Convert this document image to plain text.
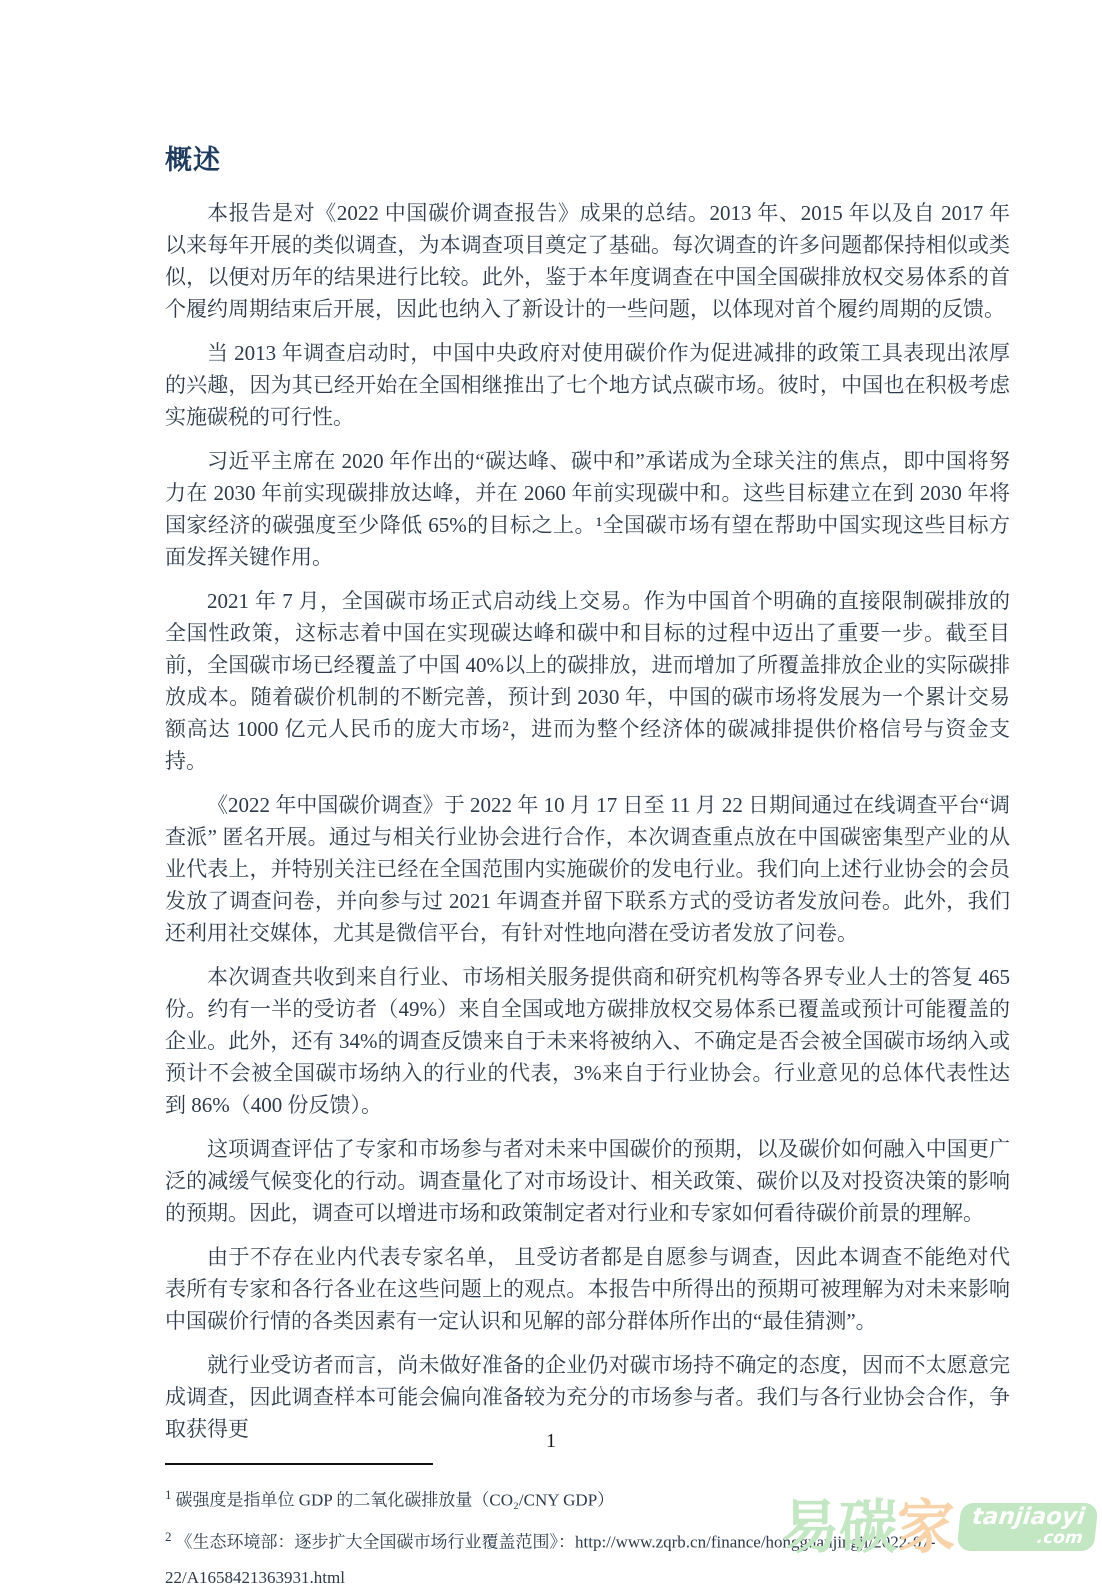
概述

本报告是对《2022 中国碳价调查报告》成果的总结。2013 年、2015 年以及自 2017 年以来每年开展的类似调查，为本调查项目奠定了基础。每次调查的许多问题都保持相似或类似，以便对历年的结果进行比较。此外，鉴于本年度调查在中国全国碳排放权交易体系的首个履约周期结束后开展，因此也纳入了新设计的一些问题，以体现对首个履约周期的反馈。

当 2013 年调查启动时，中国中央政府对使用碳价作为促进减排的政策工具表现出浓厚的兴趣，因为其已经开始在全国相继推出了七个地方试点碳市场。彼时，中国也在积极考虑实施碳税的可行性。

习近平主席在 2020 年作出的“碳达峰、碳中和”承诺成为全球关注的焦点，即中国将努力在 2030 年前实现碳排放达峰，并在 2060 年前实现碳中和。这些目标建立在到 2030 年将国家经济的碳强度至少降低 65%的目标之上。¹全国碳市场有望在帮助中国实现这些目标方面发挥关键作用。

2021 年 7 月，全国碳市场正式启动线上交易。作为中国首个明确的直接限制碳排放的全国性政策，这标志着中国在实现碳达峰和碳中和目标的过程中迈出了重要一步。截至目前，全国碳市场已经覆盖了中国 40%以上的碳排放，进而增加了所覆盖排放企业的实际碳排放成本。随着碳价机制的不断完善，预计到 2030 年，中国的碳市场将发展为一个累计交易额高达 1000 亿元人民币的庞大市场²，进而为整个经济体的碳减排提供价格信号与资金支持。

《2022 年中国碳价调查》于 2022 年 10 月 17 日至 11 月 22 日期间通过在线调查平台“调查派” 匿名开展。通过与相关行业协会进行合作，本次调查重点放在中国碳密集型产业的从业代表上，并特别关注已经在全国范围内实施碳价的发电行业。我们向上述行业协会的会员发放了调查问卷，并向参与过 2021 年调查并留下联系方式的受访者发放问卷。此外，我们还利用社交媒体，尤其是微信平台，有针对性地向潜在受访者发放了问卷。

本次调查共收到来自行业、市场相关服务提供商和研究机构等各界专业人士的答复 465 份。约有一半的受访者（49%）来自全国或地方碳排放权交易体系已覆盖或预计可能覆盖的企业。此外，还有 34%的调查反馈来自于未来将被纳入、不确定是否会被全国碳市场纳入或预计不会被全国碳市场纳入的行业的代表，3%来自于行业协会。行业意见的总体代表性达到 86%（400 份反馈）。

这项调查评估了专家和市场参与者对未来中国碳价的预期，以及碳价如何融入中国更广泛的减缓气候变化的行动。调查量化了对市场设计、相关政策、碳价以及对投资决策的影响的预期。因此，调查可以增进市场和政策制定者对行业和专家如何看待碳价前景的理解。

由于不存在业内代表专家名单， 且受访者都是自愿参与调查，因此本调查不能绝对代表所有专家和各行各业在这些问题上的观点。本报告中所得出的预期可被理解为对未来影响中国碳价行情的各类因素有一定认识和见解的部分群体所作出的“最佳猜测”。

就行业受访者而言，尚未做好准备的企业仍对碳市场持不确定的态度，因而不太愿意完成调查，因此调查样本可能会偏向准备较为充分的市场参与者。我们与各行业协会合作，争取获得更

$^1$ 碳强度是指单位 GDP 的二氧化碳排放量（CO₂/CNY GDP）
$^2$ 《生态环境部：逐步扩大全国碳市场行业覆盖范围》：http://www.zqrb.cn/finance/hongguanjingji/2022-07-22/A1658421363931.html
1
易 碳 家 tanjiaoyi
.com
